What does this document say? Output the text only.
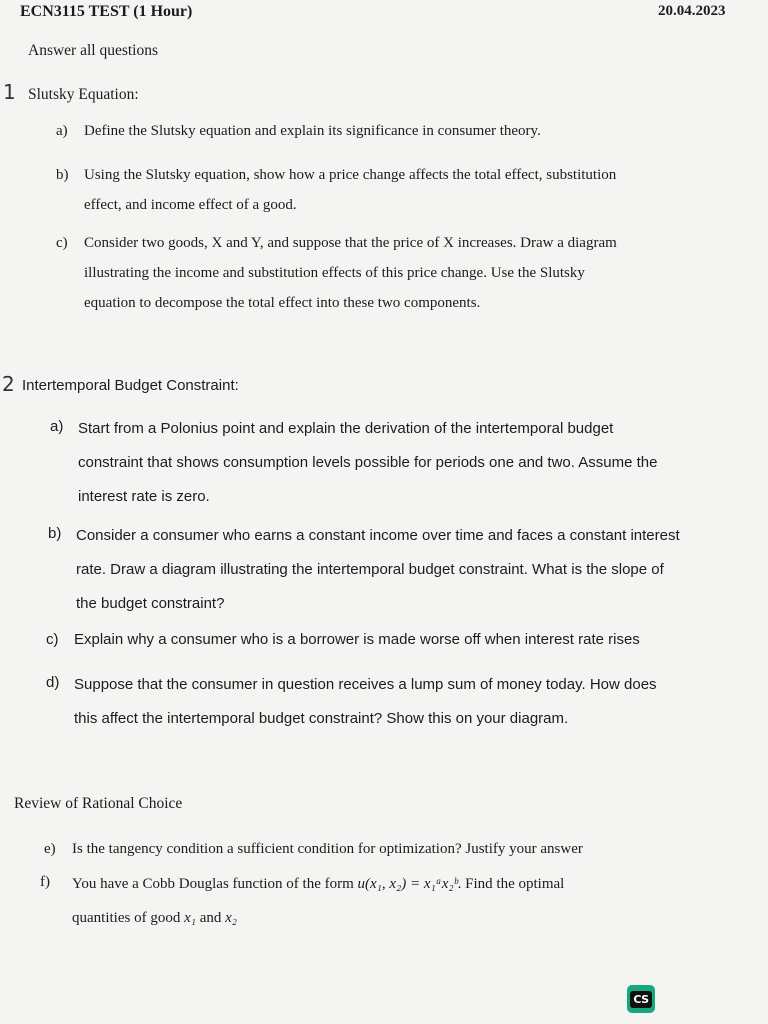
ECN3115 TEST (1 Hour)	20.04.2023
Answer all questions
1 Slutsky Equation:
a) Define the Slutsky equation and explain its significance in consumer theory.
b) Using the Slutsky equation, show how a price change affects the total effect, substitution
effect, and income effect of a good.
c) Consider two goods, X and Y, and suppose that the price of X increases. Draw a diagram
illustrating the income and substitution effects of this price change. Use the Slutsky
equation to decompose the total effect into these two components.
2 Intertemporal Budget Constraint:
a) Start from a Polonius point and explain the derivation of the intertemporal budget
constraint that shows consumption levels possible for periods one and two. Assume the
interest rate is zero.
b) Consider a consumer who earns a constant income over time and faces a constant interest
rate. Draw a diagram illustrating the intertemporal budget constraint. What is the slope of
the budget constraint?
c) Explain why a consumer who is a borrower is made worse off when interest rate rises
d) Suppose that the consumer in question receives a lump sum of money today. How does
this affect the intertemporal budget constraint? Show this on your diagram.
Review of Rational Choice
e) Is the tangency condition a sufficient condition for optimization? Justify your answer
f) You have a Cobb Douglas function of the form u(x₁, x₂) = x₁ᵃx₂ᵇ. Find the optimal
quantities of good x₁ and x₂
CS
